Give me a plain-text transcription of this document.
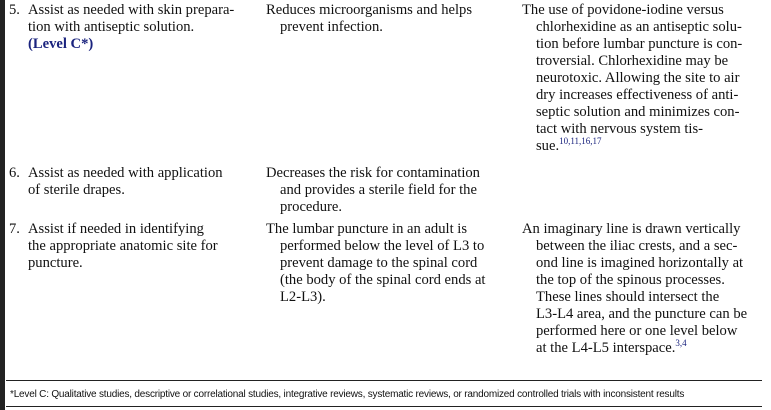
5. Assist as needed with skin prepara-
tion with antiseptic solution.
(Level C*)
Reduces microorganisms and helps
prevent infection.
The use of povidone-iodine versus
chlorhexidine as an antiseptic solu-
tion before lumbar puncture is con-
troversial. Chlorhexidine may be
neurotoxic. Allowing the site to air
dry increases effectiveness of anti-
septic solution and minimizes con-
tact with nervous system tis-
sue.$^{10,11,16,17}$
6. Assist as needed with application
of sterile drapes.
Decreases the risk for contamination
and provides a sterile field for the
procedure.
7. Assist if needed in identifying
the appropriate anatomic site for
puncture.
The lumbar puncture in an adult is
performed below the level of L3 to
prevent damage to the spinal cord
(the body of the spinal cord ends at
L2-L3).
An imaginary line is drawn vertically
between the iliac crests, and a sec-
ond line is imagined horizontally at
the top of the spinous processes.
These lines should intersect the
L3-L4 area, and the puncture can be
performed here or one level below
at the L4-L5 interspace.$^{3,4}$
*Level C: Qualitative studies, descriptive or correlational studies, integrative reviews, systematic reviews, or randomized controlled trials with inconsistent results
